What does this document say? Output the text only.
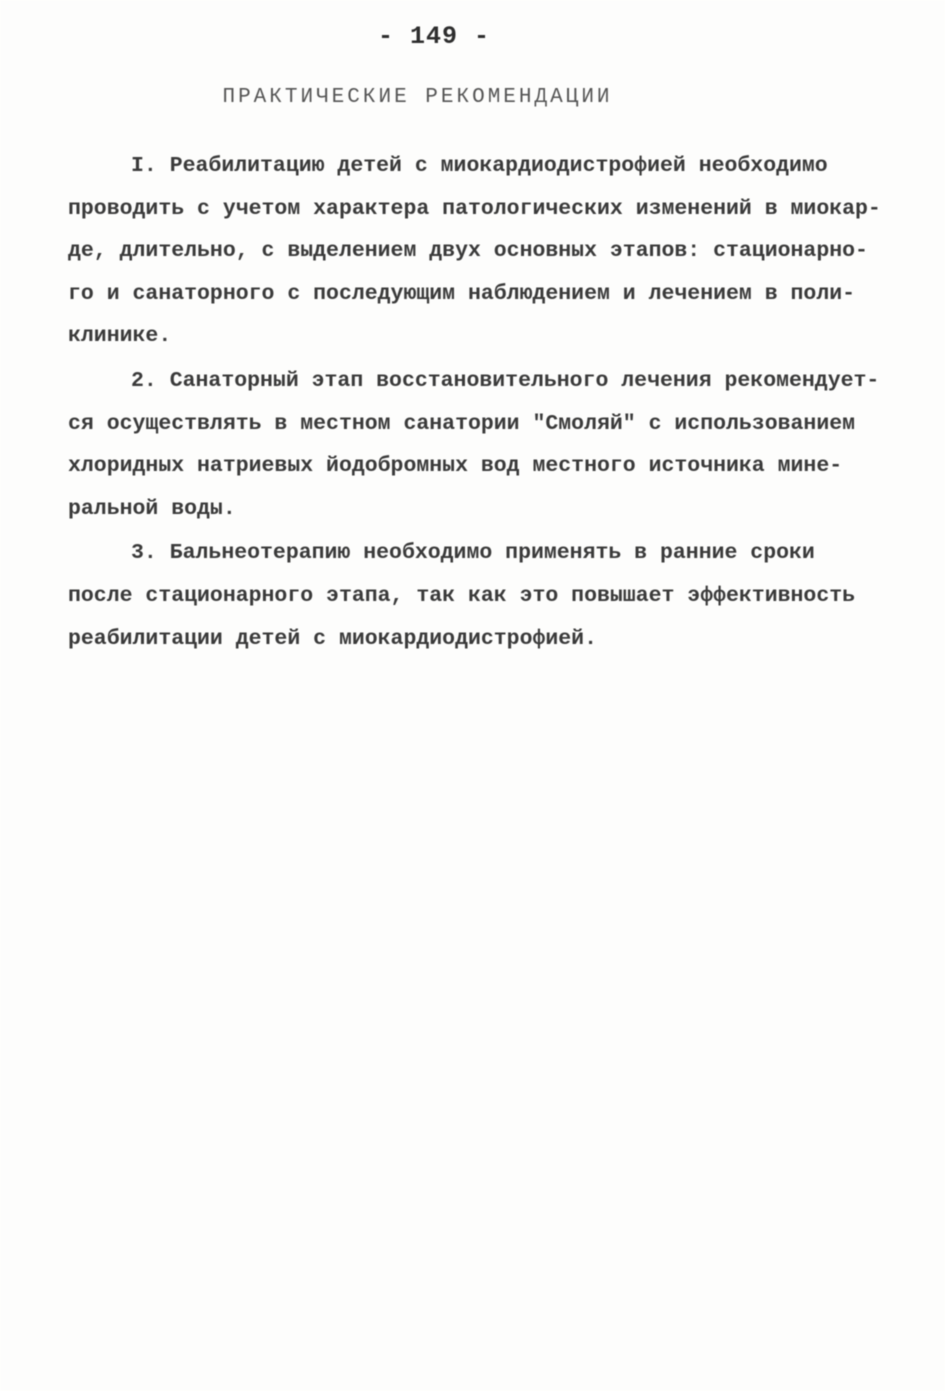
- 149 -
ПРАКТИЧЕСКИЕ РЕКОМЕНДАЦИИ
I. Реабилитацию детей с миокардиодистрофией необходимо
проводить с учетом характера патологических изменений в миокар-
де, длительно, с выделением двух основных этапов: стационарно-
го и санаторного с последующим наблюдением и лечением в поли-
клинике.
2. Санаторный этап восстановительного лечения рекомендует-
ся осуществлять в местном санатории "Смоляй" с использованием
хлоридных натриевых йодобромных вод местного источника мине-
ральной воды.
3. Бальнеотерапию необходимо применять в ранние сроки
после стационарного этапа, так как это повышает эффективность
реабилитации детей с миокардиодистрофией.
